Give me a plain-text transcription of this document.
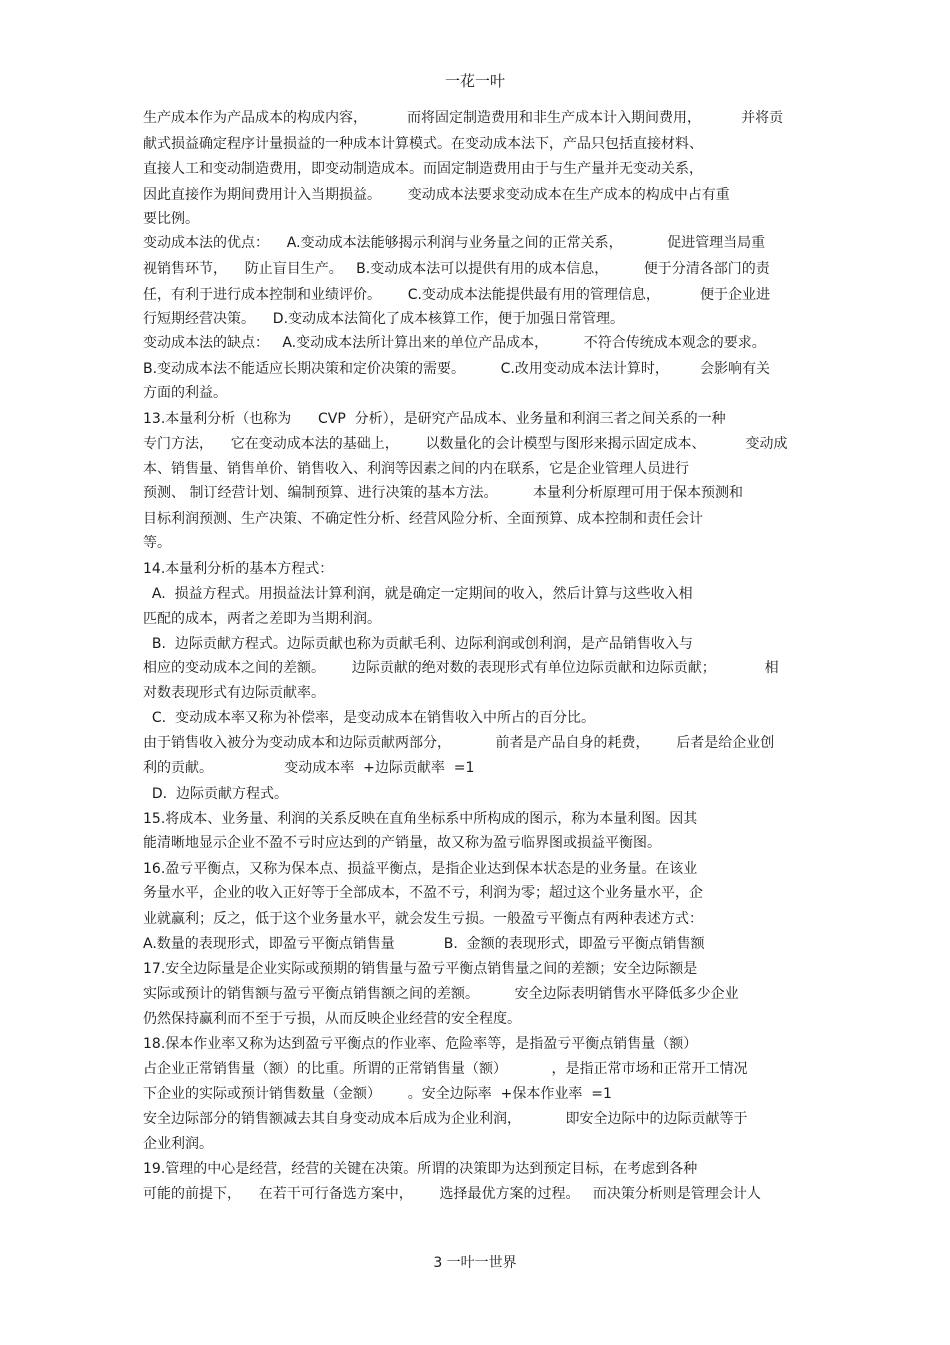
一花一叶
生产成本作为产品成本的构成内容，         而将固定制造费用和非生产成本计入期间费用，         并将贡
献式损益确定程序计量损益的一种成本计算模式。在变动成本法下，产品只包括直接材料、
直接人工和变动制造费用，即变动制造成本。而固定制造费用由于与生产量并无变动关系，
因此直接作为期间费用计入当期损益。      变动成本法要求变动成本在生产成本的构成中占有重
要比例。
变动成本法的优点：    A.变动成本法能够揭示利润与业务量之间的正常关系，          促进管理当局重
视销售环节，    防止盲目生产。   B.变动成本法可以提供有用的成本信息，        便于分清各部门的责
任，有利于进行成本控制和业绩评价。      C.变动成本法能提供最有用的管理信息，         便于企业进
行短期经营决策。    D.变动成本法简化了成本核算工作，便于加强日常管理。
变动成本法的缺点：   A.变动成本法所计算出来的单位产品成本，        不符合传统成本观念的要求。
B.变动成本法不能适应长期决策和定价决策的需要。        C.改用变动成本法计算时，       会影响有关
方面的利益。
13.本量利分析（也称为      CVP  分析），是研究产品成本、业务量和利润三者之间关系的一种
专门方法，    它在变动成本法的基础上，      以数量化的会计模型与图形来揭示固定成本、         变动成
本、销售量、销售单价、销售收入、利润等因素之间的内在联系，它是企业管理人员进行
预测、 制订经营计划、编制预算、进行决策的基本方法。        本量利分析原理可用于保本预测和
目标利润预测、生产决策、不确定性分析、经营风险分析、全面预算、成本控制和责任会计
等。
14.本量利分析的基本方程式：
A.  损益方程式。用损益法计算利润，就是确定一定期间的收入，然后计算与这些收入相
匹配的成本，两者之差即为当期利润。
B.  边际贡献方程式。边际贡献也称为贡献毛利、边际利润或创利润，是产品销售收入与
相应的变动成本之间的差额。      边际贡献的绝对数的表现形式有单位边际贡献和边际贡献；           相
对数表现形式有边际贡献率。
C.  变动成本率又称为补偿率，是变动成本在销售收入中所占的百分比。
由于销售收入被分为变动成本和边际贡献两部分，          前者是产品自身的耗费，      后者是给企业创
利的贡献。                变动成本率  +边际贡献率  =1
D.  边际贡献方程式。
15.将成本、业务量、利润的关系反映在直角坐标系中所构成的图示，称为本量利图。因其
能清晰地显示企业不盈不亏时应达到的产销量，故又称为盈亏临界图或损益平衡图。
16.盈亏平衡点，又称为保本点、损益平衡点，是指企业达到保本状态是的业务量。在该业
务量水平，企业的收入正好等于全部成本，不盈不亏，利润为零；超过这个业务量水平，企
业就赢利；反之，低于这个业务量水平，就会发生亏损。一般盈亏平衡点有两种表述方式：
A.数量的表现形式，即盈亏平衡点销售量           B.  金额的表现形式，即盈亏平衡点销售额
17.安全边际量是企业实际或预期的销售量与盈亏平衡点销售量之间的差额；安全边际额是
实际或预计的销售额与盈亏平衡点销售额之间的差额。        安全边际表明销售水平降低多少企业
仍然保持赢利而不至于亏损，从而反映企业经营的安全程度。
18.保本作业率又称为达到盈亏平衡点的作业率、危险率等，是指盈亏平衡点销售量（额）
占企业正常销售量（额）的比重。所谓的正常销售量（额）          ，是指正常市场和正常开工情况
下企业的实际或预计销售数量（金额）      。安全边际率  +保本作业率  =1
安全边际部分的销售额减去其自身变动成本后成为企业利润，          即安全边际中的边际贡献等于
企业利润。
19.管理的中心是经营，经营的关键在决策。所谓的决策即为达到预定目标，在考虑到各种
可能的前提下，    在若干可行备选方案中，      选择最优方案的过程。   而决策分析则是管理会计人
3 一叶一世界
